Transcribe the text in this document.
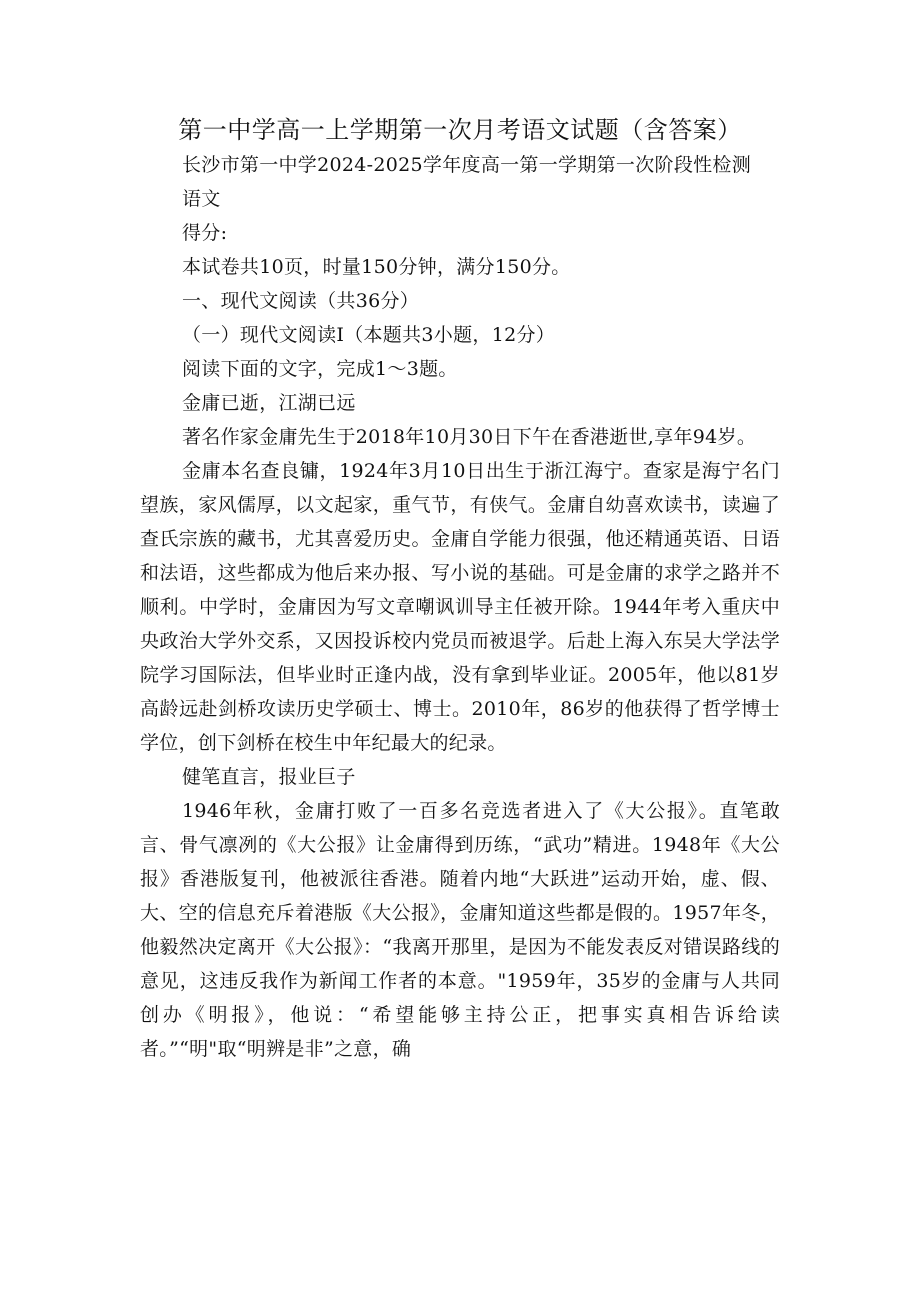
第一中学高一上学期第一次月考语文试题（含答案）

长沙市第一中学2024-2025学年度高一第一学期第一次阶段性检测

语文

得分:

本试卷共10页，时量150分钟，满分150分。

一、现代文阅读（共36分）

（一）现代文阅读Ⅰ（本题共3小题，12分）

阅读下面的文字，完成1～3题。

金庸已逝，江湖已远

著名作家金庸先生于2018年10月30日下午在香港逝世,享年94岁。

金庸本名查良镛，1924年3月10日出生于浙江海宁。查家是海宁名门望族，家风儒厚，以文起家，重气节，有侠气。金庸自幼喜欢读书，读遍了查氏宗族的藏书，尤其喜爱历史。金庸自学能力很强，他还精通英语、日语和法语，这些都成为他后来办报、写小说的基础。可是金庸的求学之路并不顺利。中学时，金庸因为写文章嘲讽训导主任被开除。1944年考入重庆中央政治大学外交系，又因投诉校内党员而被退学。后赴上海入东吴大学法学院学习国际法，但毕业时正逢内战，没有拿到毕业证。2005年，他以81岁高龄远赴剑桥攻读历史学硕士、博士。2010年，86岁的他获得了哲学博士学位，创下剑桥在校生中年纪最大的纪录。

健笔直言，报业巨子

1946年秋，金庸打败了一百多名竞选者进入了《大公报》。直笔敢言、骨气凛冽的《大公报》让金庸得到历练，“武功”精进。1948年《大公报》香港版复刊，他被派往香港。随着内地“大跃进”运动开始，虚、假、大、空的信息充斥着港版《大公报》，金庸知道这些都是假的。1957年冬，他毅然决定离开《大公报》：“我离开那里，是因为不能发表反对错误路线的意见，这违反我作为新闻工作者的本意。"1959年，35岁的金庸与人共同创办《明报》，他说：“希望能够主持公正，把事实真相告诉给读者。”“明"取“明辨是非”之意，确
